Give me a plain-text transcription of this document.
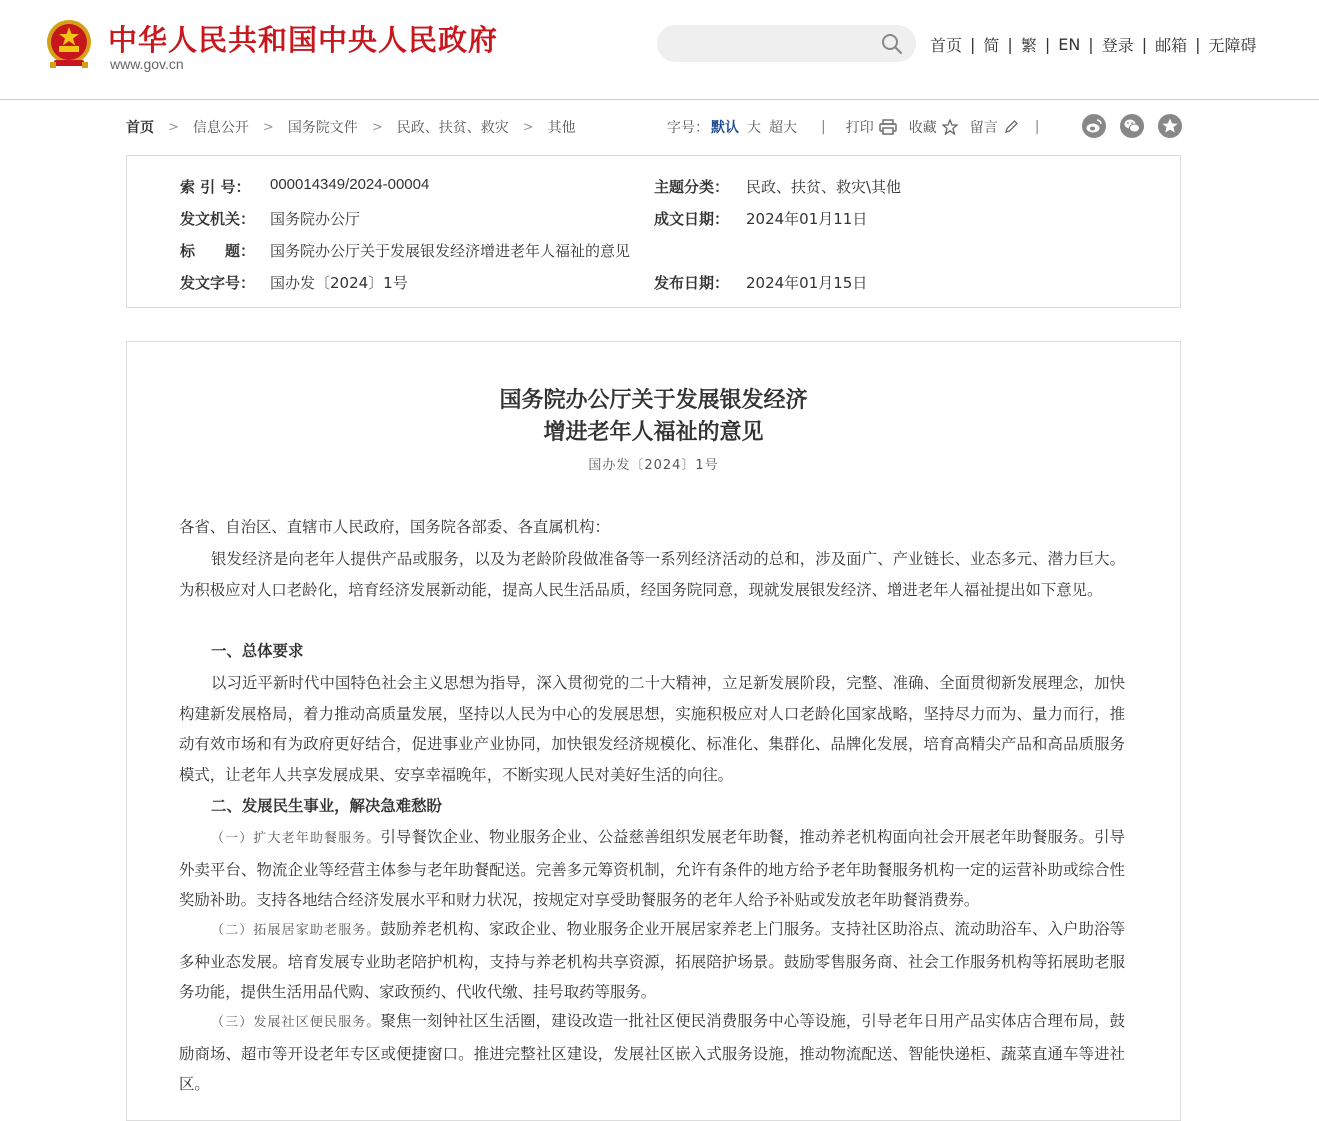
中华人民共和国中央人民政府
www.gov.cn
首页 | 简 | 繁 | EN | 登录 | 邮箱 | 无障碍
首页 > 信息公开 > 国务院文件 > 民政、扶贫、救灾 > 其他	字号： 默认 大 超大 | 打印	收藏 留言	|
索 引 号：	000014349/2024-00004	主题分类：	民政、扶贫、救灾\其他
发文机关： 国务院办公厅	成文日期：	2024年01月11日
标　　题： 国务院办公厅关于发展银发经济增进老年人福祉的意见
发文字号： 国办发〔2024〕1号	发布日期：	2024年01月15日
国务院办公厅关于发展银发经济
增进老年人福祉的意见
国办发〔2024〕1号
各省、自治区、直辖市人民政府，国务院各部委、各直属机构：
银发经济是向老年人提供产品或服务，以及为老龄阶段做准备等一系列经济活动的总和，涉及面广、产业链长、业态多元、潜力巨大。为积极应对人口老龄化，培育经济发展新动能，提高人民生活品质，经国务院同意，现就发展银发经济、增进老年人福祉提出如下意见。
一、总体要求
以习近平新时代中国特色社会主义思想为指导，深入贯彻党的二十大精神，立足新发展阶段，完整、准确、全面贯彻新发展理念，加快构建新发展格局，着力推动高质量发展，坚持以人民为中心的发展思想，实施积极应对人口老龄化国家战略，坚持尽力而为、量力而行，推动有效市场和有为政府更好结合，促进事业产业协同，加快银发经济规模化、标准化、集群化、品牌化发展，培育高精尖产品和高品质服务模式，让老年人共享发展成果、安享幸福晚年，不断实现人民对美好生活的向往。
二、发展民生事业，解决急难愁盼
（一）扩大老年助餐服务。引导餐饮企业、物业服务企业、公益慈善组织发展老年助餐，推动养老机构面向社会开展老年助餐服务。引导外卖平台、物流企业等经营主体参与老年助餐配送。完善多元筹资机制，允许有条件的地方给予老年助餐服务机构一定的运营补助或综合性奖励补助。支持各地结合经济发展水平和财力状况，按规定对享受助餐服务的老年人给予补贴或发放老年助餐消费券。
（二）拓展居家助老服务。鼓励养老机构、家政企业、物业服务企业开展居家养老上门服务。支持社区助浴点、流动助浴车、入户助浴等多种业态发展。培育发展专业助老陪护机构，支持与养老机构共享资源，拓展陪护场景。鼓励零售服务商、社会工作服务机构等拓展助老服务功能，提供生活用品代购、家政预约、代收代缴、挂号取药等服务。
（三）发展社区便民服务。聚焦一刻钟社区生活圈，建设改造一批社区便民消费服务中心等设施，引导老年日用产品实体店合理布局，鼓励商场、超市等开设老年专区或便捷窗口。推进完整社区建设，发展社区嵌入式服务设施，推动物流配送、智能快递柜、蔬菜直通车等进社区。
